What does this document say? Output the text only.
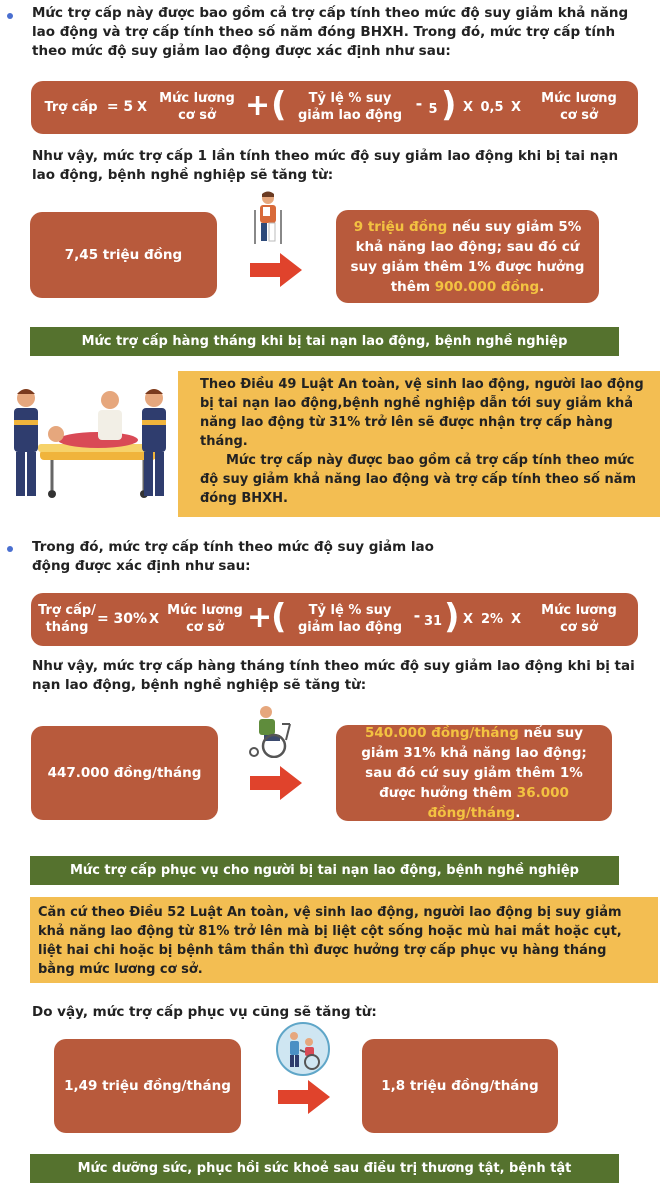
Mức trợ cấp này được bao gồm cả trợ cấp tính theo mức độ suy giảm khả năng lao động và trợ cấp tính theo số năm đóng BHXH. Trong đó, mức trợ cấp tính theo mức độ suy giảm lao động được xác định như sau:
Trợ cấp = 5 X
Mức lương
cơ sở + (	Tỷ lệ % suy
giảm lao động
- 5 ) X 0,5 X
Mức lương
cơ sở
Như vậy, mức trợ cấp 1 lần tính theo mức độ suy giảm lao động khi bị tai nạn lao động, bệnh nghề nghiệp sẽ tăng từ:
7,45 triệu đồng
9 triệu đồng nếu suy giảm 5% khả năng lao động; sau đó cứ suy giảm thêm 1% được hưởng thêm 900.000 đồng.
Mức trợ cấp hàng tháng khi bị tai nạn lao động, bệnh nghề nghiệp
Theo Điều 49 Luật An toàn, vệ sinh lao động, người lao động bị tai nạn lao động,bệnh nghề nghiệp dẫn tới suy giảm khả năng lao động từ 31% trở lên sẽ được nhận trợ cấp hàng tháng.
Mức trợ cấp này được bao gồm cả trợ cấp tính theo mức độ suy giảm khả năng lao động và trợ cấp tính theo số năm đóng BHXH.
Trong đó, mức trợ cấp tính theo mức độ suy giảm lao động được xác định như sau:
Trợ cấp/
tháng
= 30% X
Mức lương
cơ sở +
(	Tỷ lệ % suy
giảm lao động
- 31 ) X 2% X
Mức lương
cơ sở
Như vậy, mức trợ cấp hàng tháng tính theo mức độ suy giảm lao động khi bị tai nạn lao động, bệnh nghề nghiệp sẽ tăng từ:
447.000 đồng/tháng
540.000 đồng/tháng nếu suy giảm 31% khả năng lao động; sau đó cứ suy giảm thêm 1% được hưởng thêm 36.000 đồng/tháng.
Mức trợ cấp phục vụ cho người bị tai nạn lao động, bệnh nghề nghiệp
Căn cứ theo Điều 52 Luật An toàn, vệ sinh lao động, người lao động bị suy giảm khả năng lao động từ 81% trở lên mà bị liệt cột sống hoặc mù hai mắt hoặc cụt, liệt hai chi hoặc bị bệnh tâm thần thì được hưởng trợ cấp phục vụ hàng tháng bằng mức lương cơ sở.
Do vậy, mức trợ cấp phục vụ cũng sẽ tăng từ:
1,49 triệu đồng/tháng	1,8 triệu đồng/tháng
Mức dưỡng sức, phục hồi sức khoẻ sau điều trị thương tật, bệnh tật
